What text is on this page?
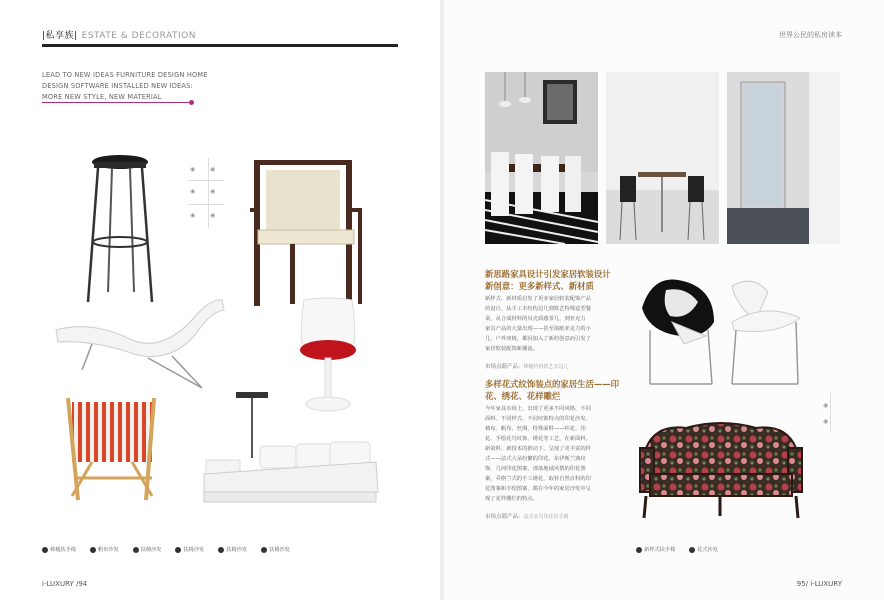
|私享族| ESTATE & DECORATION	世界公民的私房读本
LEAD TO NEW IDEAS FURNITURE DESIGN HOME
DESIGN SOFTWARE INSTALLED NEW IDEAS:
MORE NEW STYLE, NEW MATERIAL
◉ ◉
◉ ◉
◉ ◉
棒槌扶手椅	帆布沙发	扶椅沙发	扶椅沙发	扶椅沙发	扶椅沙发
新思路家具设计引发家居软装设计
新创意：更多新样式、新材质
新样式、新材质启发了更多家居软装配饰产品
的设计，从手工木结构边几到铁艺特殊造型餐
桌，从合成材料的贝壳质感茶几，到亚克力
家具产品的大量出现——甚至演纸亚克力的小
几，户外座椅，都因加入了新的创意而引发了
家居软装配饰新潮流。
市场点睛产品：棒槌结构铁艺木边几
多样花式纹饰装点的家居生活——印
花、绣花、花样雕烂
今年家具市场上，出现了更多不同风格、不同
面料、不同样式、不同纹饰特点的印花沙发、
椅布、帆布、丝绸、特殊面料——织花、印
花、手绘花鸟纹饰、绣花等工艺，在新面料、
新染料、新技术的推动下，呈现了更丰富的样
式——法式大朵纷繁的印花、东伊斯兰典纹
饰、几何印花图案，部落地域风情的印花图
案，乔格兰式的手工绣花，取材自然百科的印
花图案和手绘图案，都在今年的家居沙发中呈
现了花样雕烂的特点。
市场点睛产品：法式水鸟印花扶手椅
◉
◉
新样式扶手椅	花式沙发
i-LUXURY /94	95/ i-LUXURY
